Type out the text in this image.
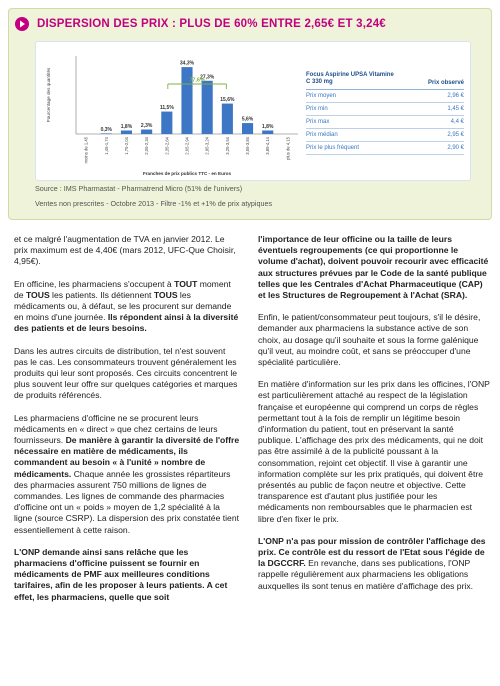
DISPERSION DES PRIX : PLUS DE 60% ENTRE 2,65€ ET 3,24€
Pourcentage des quantités
moins de 1,45
0,3%
1,45-1,74
1,8%
1,75-2,04
2,3%
2,05-2,34
11,5%
2,35-2,64
34,3%
2,65-2,94
27,3%
2,95-3,24
15,6%
3,25-3,54
5,6%
3,55-3,84
1,8%
3,85-4,14	plus de 4,15
Franches de prix publics TTC - en Euros
77,6%
Focus Aspirine UPSA Vitamine C 330 mg	Prix observé
Prix moyen	2,96 €
Prix min	1,45 €
Prix max	4,4 €
Prix médian	2,95 €
Prix le plus fréquent	2,90 €
Source : IMS Pharmastat - Pharmatrend Micro (51% de l'univers)
Ventes non prescrites - Octobre 2013 - Filtre -1% et +1% de prix atypiques

et ce malgré l'augmentation de TVA en janvier 2012. Le prix maximum est de 4,40€ (mars 2012, UFC-Que Choisir, 4,95€).

En officine, les pharmaciens s'occupent à TOUT moment de TOUS les patients. Ils détiennent TOUS les médicaments ou, à défaut, se les procurent sur demande en moins d'une journée. Ils répondent ainsi à la diversité des patients et de leurs besoins.

Dans les autres circuits de distribution, tel n'est souvent pas le cas. Les consommateurs trouvent généralement les produits qui leur sont proposés. Ces circuits concentrent le plus souvent leur offre sur quelques catégories et marques de produits référencés.

Les pharmaciens d'officine ne se procurent leurs médicaments en « direct » que chez certains de leurs fournisseurs. De manière à garantir la diversité de l'offre nécessaire en matière de médicaments, ils commandent au besoin « à l'unité » nombre de médicaments. Chaque année les grossistes répartiteurs des pharmacies assurent 750 millions de lignes de commandes. Les lignes de commande des pharmacies d'officine ont un « poids » moyen de 1,2 spécialité à la ligne (source CSRP). La dispersion des prix constatée tient essentiellement à cette raison.

L'ONP demande ainsi sans relâche que les pharmaciens d'officine puissent se fournir en médicaments de PMF aux meilleures conditions tarifaires, afin de les proposer à leurs patients. A cet effet, les pharmaciens, quelle que soit

l'importance de leur officine ou la taille de leurs éventuels regroupements (ce qui proportionne le volume d'achat), doivent pouvoir recourir avec efficacité aux structures prévues par le Code de la santé publique telles que les Centrales d'Achat Pharmaceutique (CAP) et les Structures de Regroupement à l'Achat (SRA).

Enfin, le patient/consommateur peut toujours, s'il le désire, demander aux pharmaciens la substance active de son choix, au dosage qu'il souhaite et sous la forme galénique qu'il veut, au moindre coût, et sans se préoccuper d'une spécialité particulière.

En matière d'information sur les prix dans les officines, l'ONP est particulièrement attaché au respect de la législation française et européenne qui comprend un corps de règles permettant tout à la fois de remplir un légitime besoin d'information du patient, tout en préservant la santé publique. L'affichage des prix des médicaments, qui ne doit pas être assimilé à de la publicité poussant à la consommation, rejoint cet objectif. Il vise à garantir une information complète sur les prix pratiqués, qui doivent être présentés au public de façon neutre et objective. Cette transparence est d'autant plus justifiée pour les médicaments non remboursables que le pharmacien est libre d'en fixer le prix.

L'ONP n'a pas pour mission de contrôler l'affichage des prix. Ce contrôle est du ressort de l'Etat sous l'égide de la DGCCRF. En revanche, dans ses publications, l'ONP rappelle régulièrement aux pharmaciens les obligations auxquelles ils sont tenus en matière d'affichage des prix.
